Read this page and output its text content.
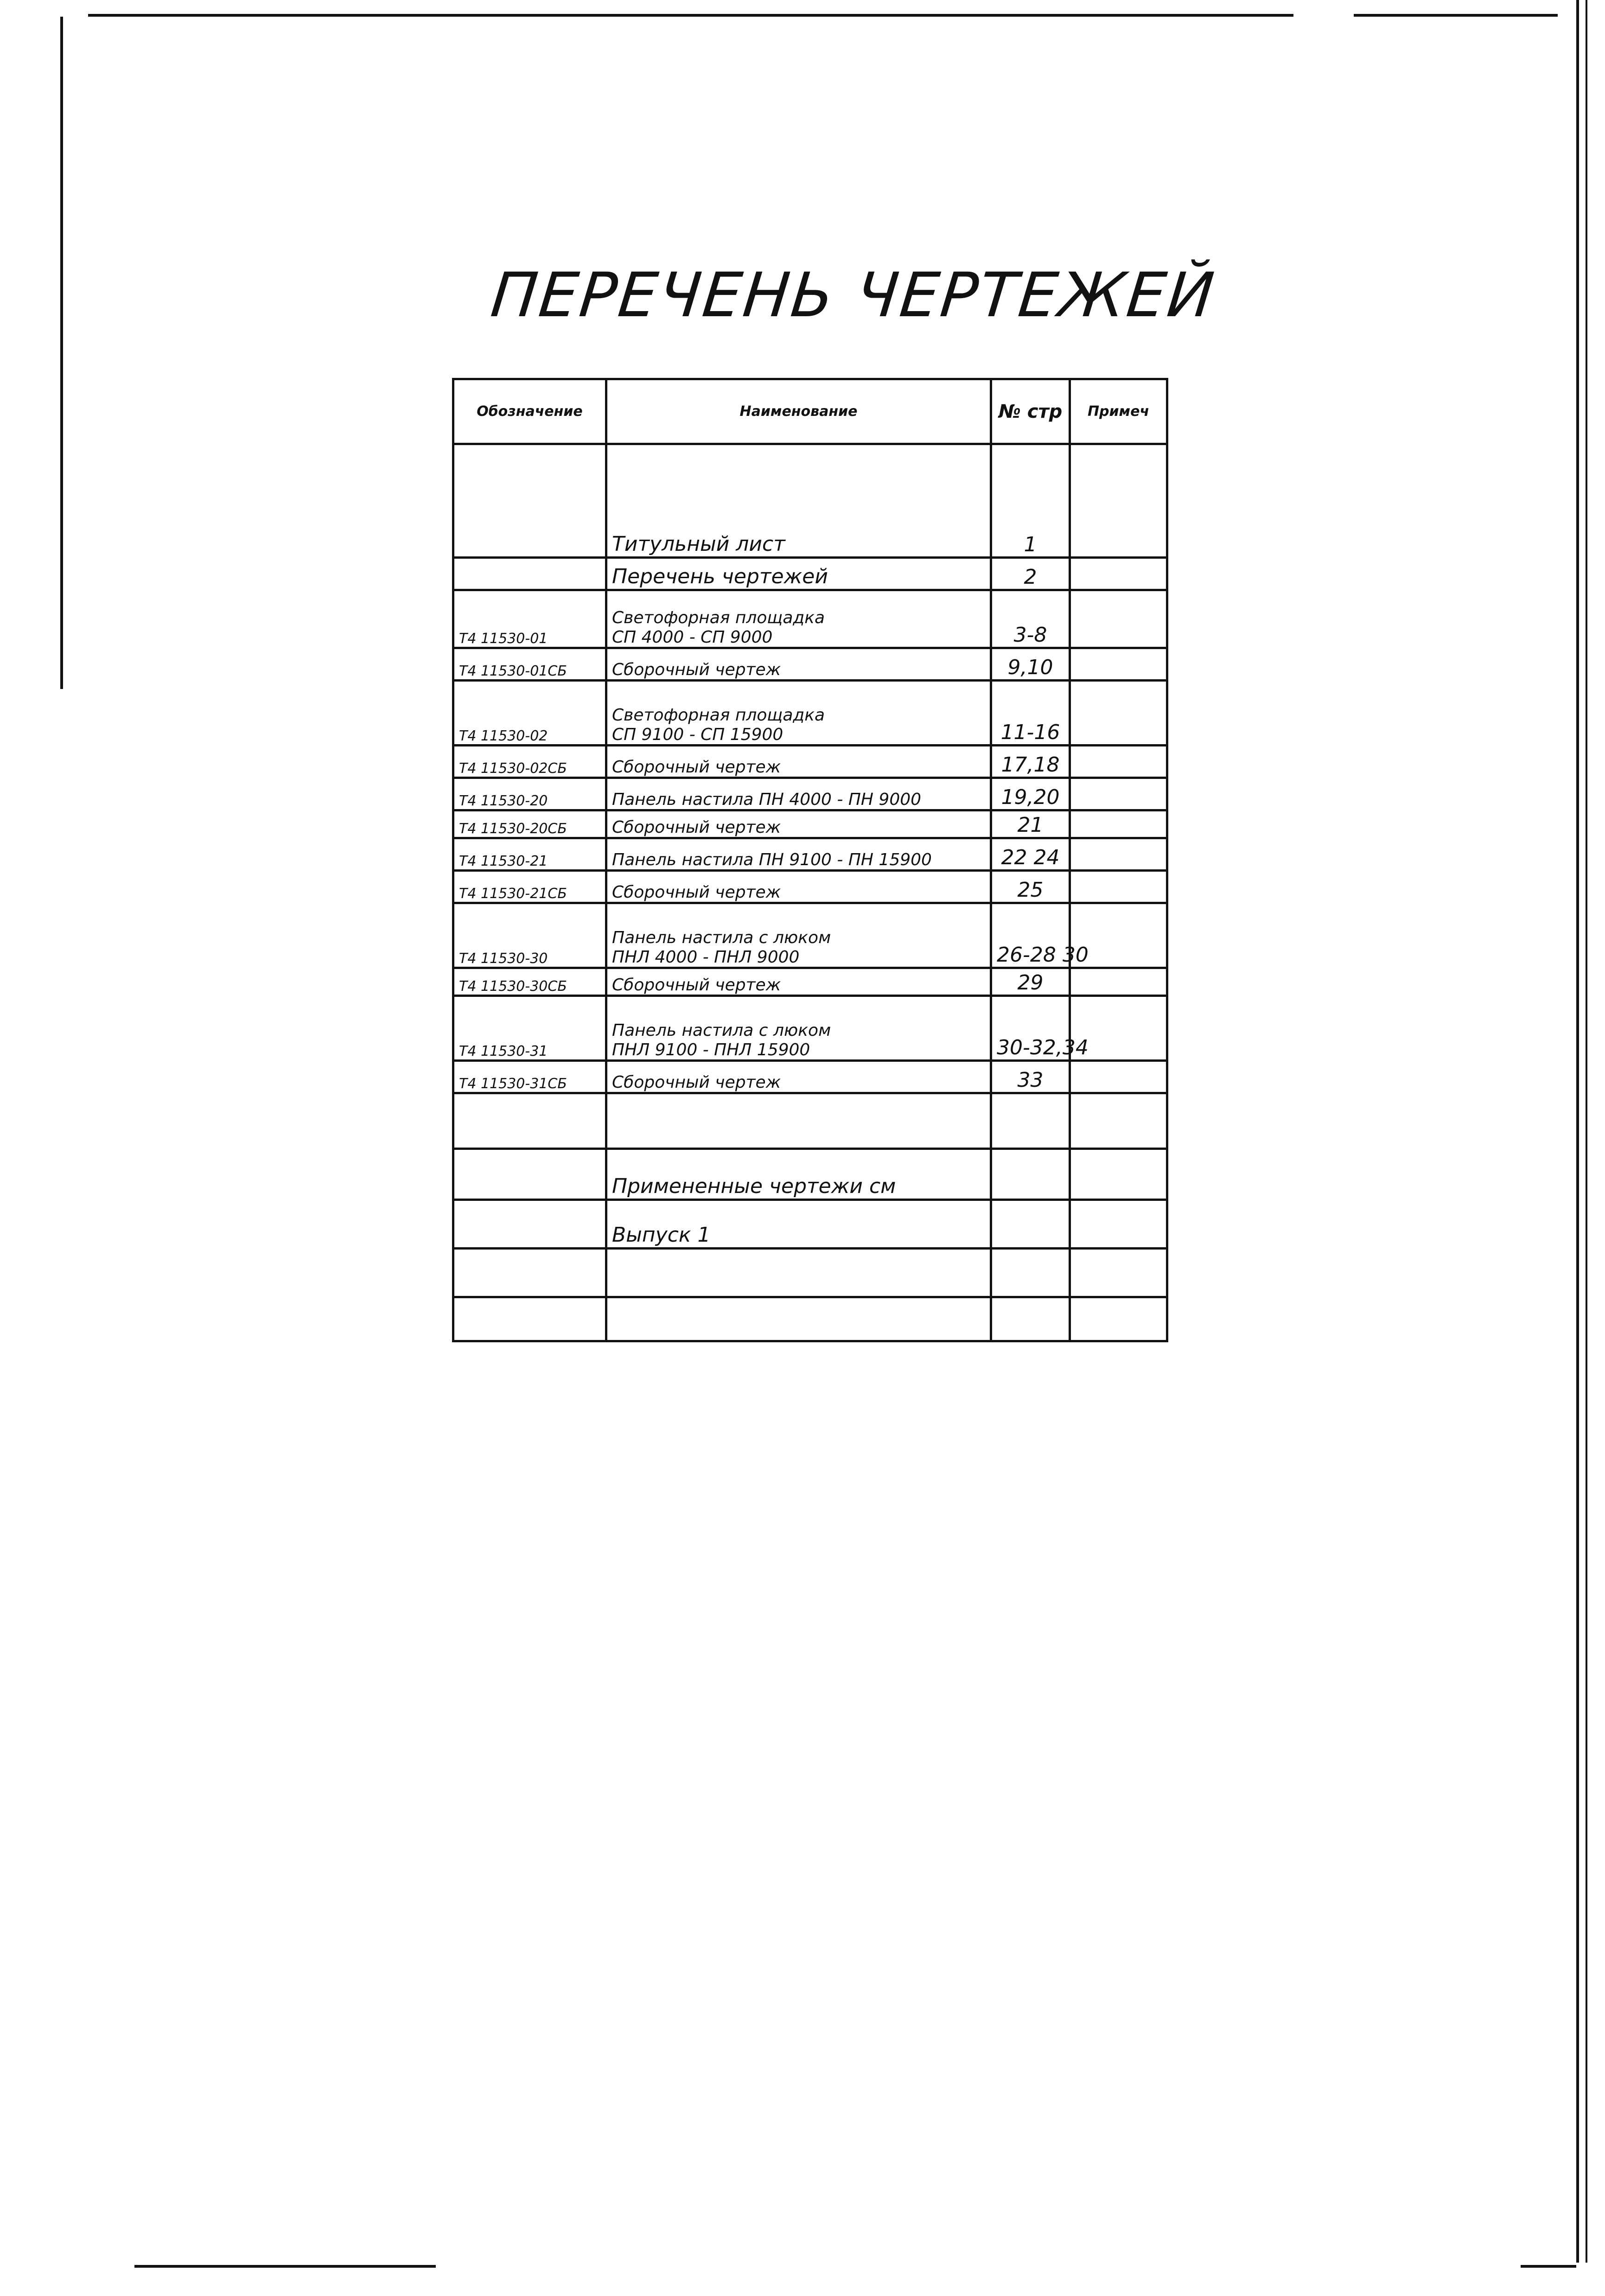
ПЕРЕЧЕНЬ ЧЕРТЕЖЕЙ
Обозначение	Наименование	№ стр	Примеч

	Титульный лист	1	

	Перечень чертежей	2	

Т4 11530-01	Светофорная площадка
СП 4000 - СП 9000	3-8	

Т4 11530-01СБ	Сборочный чертеж	9,10	

Т4 11530-02	Светофорная площадка
СП 9100 - СП 15900	11-16	

Т4 11530-02СБ	Сборочный чертеж	17,18	

Т4 11530-20	Панель настила ПН 4000 - ПН 9000	19,20	

Т4 11530-20СБ	Сборочный чертеж	21	

Т4 11530-21	Панель настила ПН 9100 - ПН 15900	22 24	

Т4 11530-21СБ	Сборочный чертеж	25	

Т4 11530-30	Панель настила с люком
ПНЛ 4000 - ПНЛ 9000	26-28 30	

Т4 11530-30СБ	Сборочный чертеж	29	

Т4 11530-31	Панель настила с люком
ПНЛ 9100 - ПНЛ 15900	30-32,34	

Т4 11530-31СБ	Сборочный чертеж	33	

	Примененные чертежи см		

	Выпуск 1		
